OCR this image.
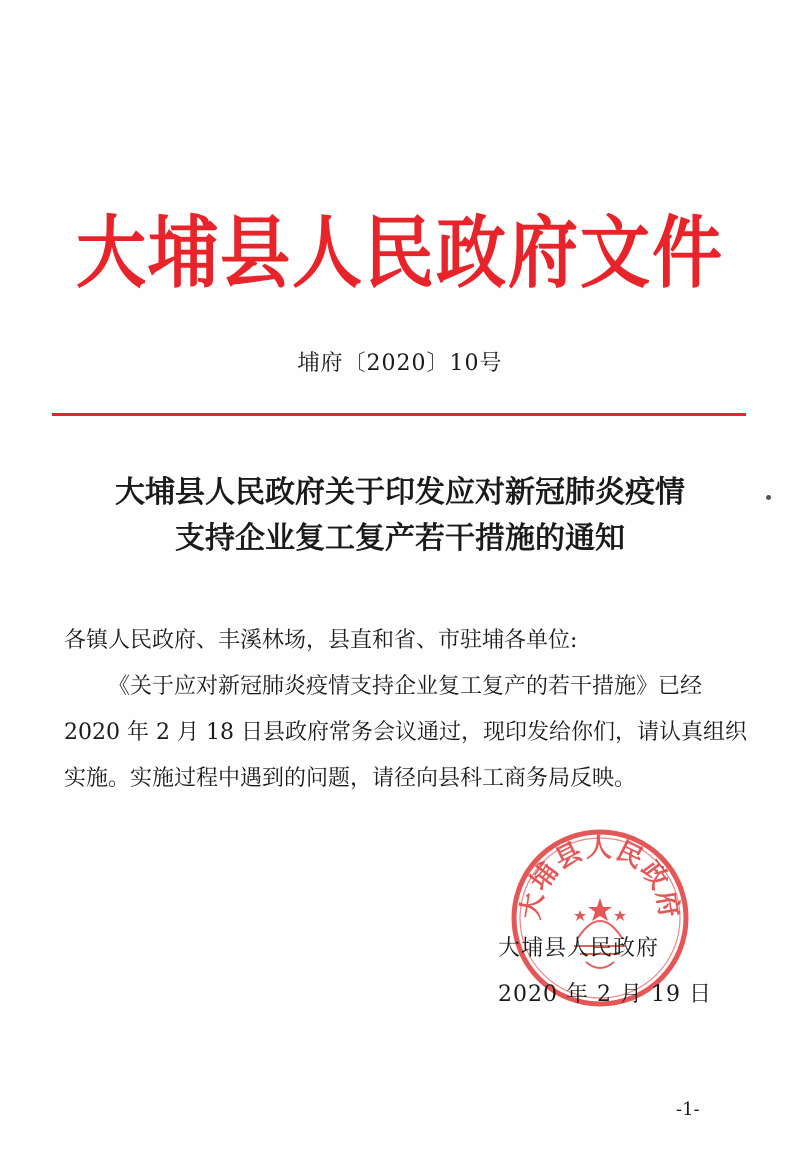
大埔县人民政府文件
埔府〔2020〕10号
大埔县人民政府关于印发应对新冠肺炎疫情
支持企业复工复产若干措施的通知

各镇人民政府、丰溪林场，县直和省、市驻埔各单位:

《关于应对新冠肺炎疫情支持企业复工复产的若干措施》已经 2020 年 2 月 18 日县政府常务会议通过，现印发给你们，请认真组织实施。实施过程中遇到的问题，请径向县科工商务局反映。

大埔县人民政府
大埔县人民政府
2020 年 2 月 19 日
-1-
